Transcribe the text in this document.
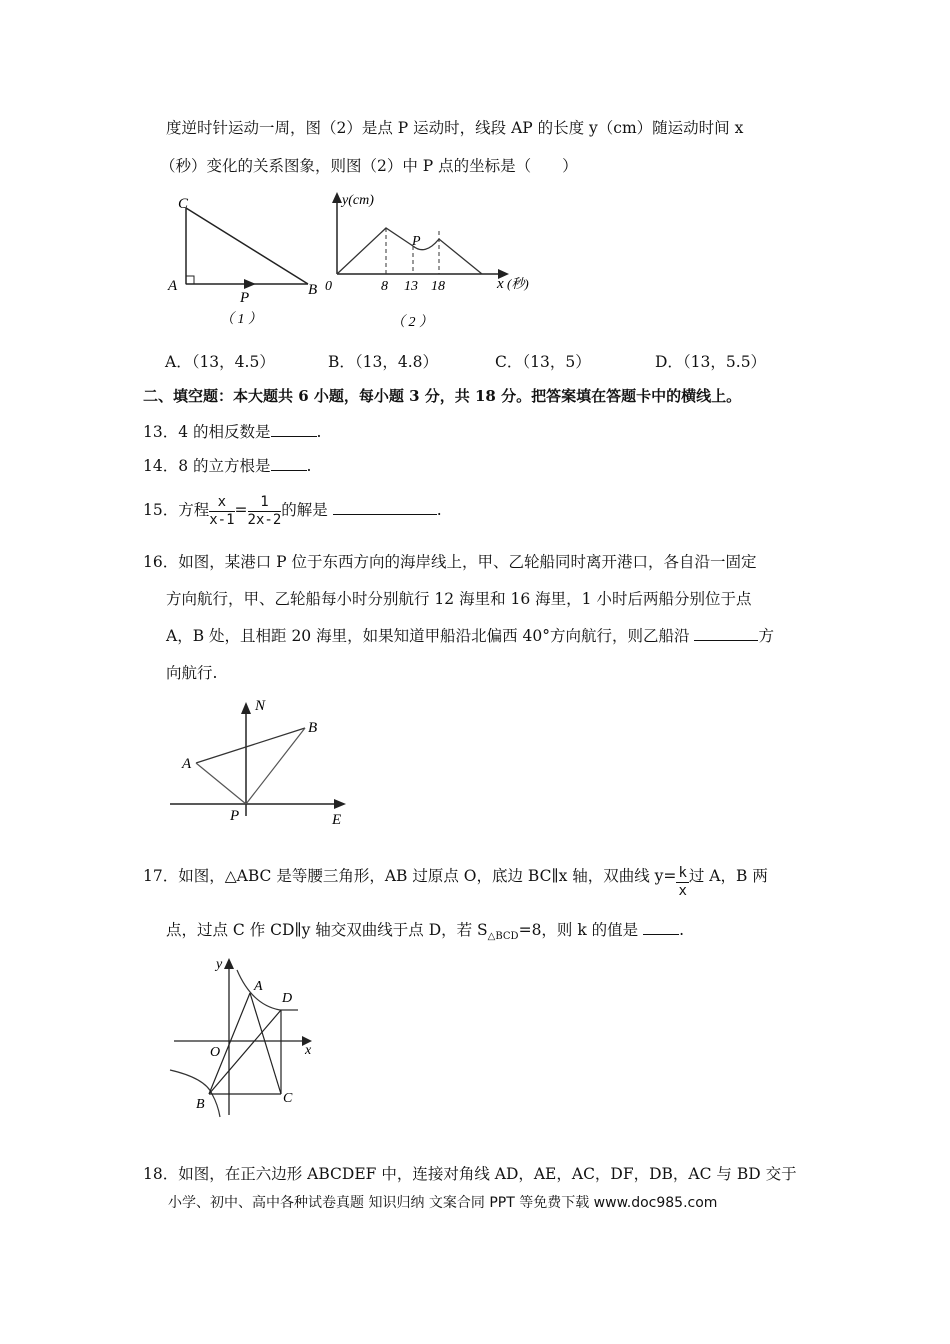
度逆时针运动一周，图（2）是点 P 运动时，线段 AP 的长度 y（cm）随运动时间 x
（秒）变化的关系图象，则图（2）中 P 点的坐标是（　　）
C
A	B
P
（ 1 ）
y(cm)
P
0	8 13 18	x (秒)
（ 2 ）
A．（13，4.5）	B．（13，4.8）	C．（13，5）	D．（13，5.5）
二、填空题：本大题共 6 小题，每小题 3 分，共 18 分。把答案填在答题卡中的横线上。
13．4 的相反数是	.
14．8 的立方根是 .
15．方程 $\frac{x}{x-1} = \frac{1}{2x-2}$ 的解是	.
16．如图，某港口 P 位于东西方向的海岸线上，甲、乙轮船同时离开港口，各自沿一固定
方向航行，甲、乙轮船每小时分别航行 12 海里和 16 海里，1 小时后两船分别位于点
A，B 处，且相距 20 海里，如果知道甲船沿北偏西 40°方向航行，则乙船沿	方
向航行.
N
B
A
P	E
17．如图，△ABC 是等腰三角形，AB 过原点 O，底边 BC∥x 轴，双曲线 $y= \frac{k}{x}$ 过 A，B 两
点，过点 C 作 CD∥y 轴交双曲线于点 D，若 $S_{\triangle BCD}=8$，则 k 的值是	.
y
A
D
O	x
B	C
18．如图，在正六边形 ABCDEF 中，连接对角线 AD，AE，AC，DF，DB，AC 与 BD 交于
小学、初中、高中各种试卷真题 知识归纳 文案合同 PPT 等免费下载 www.doc985.com
